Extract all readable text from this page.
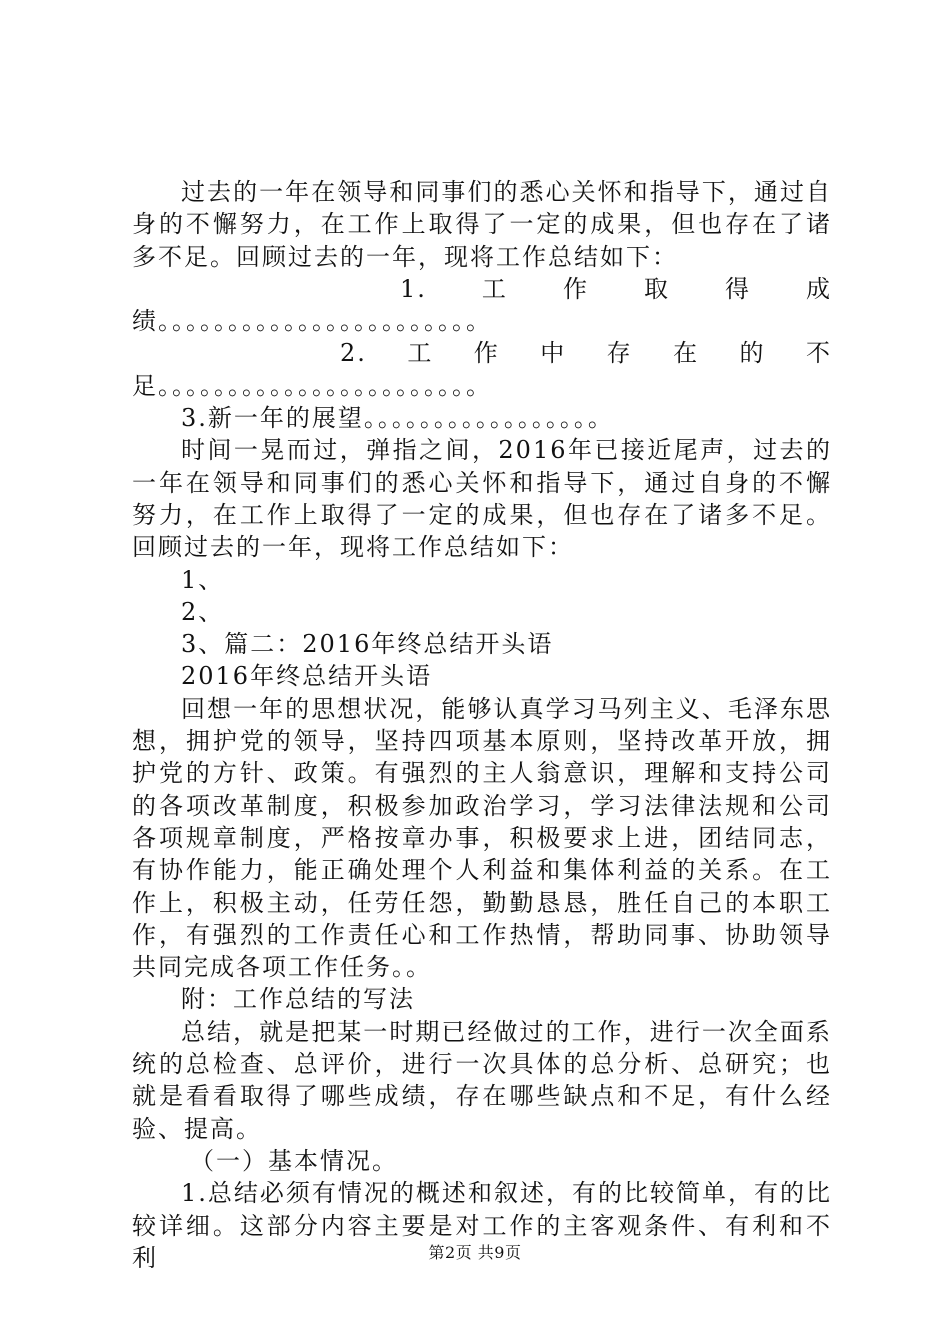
过去的一年在领导和同事们的悉心关怀和指导下，通过自身的不懈努力，在工作上取得了一定的成果，但也存在了诸多不足。回顾过去的一年，现将工作总结如下：

1. 工 作 取 得 成

绩。。。。。。。。。。。。。。。。。。。。。。。

2. 工 作 中 存 在 的 不

足。。。。。。。。。。。。。。。。。。。。。。。

3.新一年的展望。。。。。。。。。。。。。。。。。

时间一晃而过，弹指之间，2016年已接近尾声，过去的一年在领导和同事们的悉心关怀和指导下，通过自身的不懈努力，在工作上取得了一定的成果，但也存在了诸多不足。回顾过去的一年，现将工作总结如下：

1、

2、

3、篇二：2016年终总结开头语

2016年终总结开头语

回想一年的思想状况，能够认真学习马列主义、毛泽东思想，拥护党的领导，坚持四项基本原则，坚持改革开放，拥护党的方针、政策。有强烈的主人翁意识，理解和支持公司的各项改革制度，积极参加政治学习，学习法律法规和公司各项规章制度，严格按章办事，积极要求上进，团结同志，有协作能力，能正确处理个人利益和集体利益的关系。在工作上，积极主动，任劳任怨，勤勤恳恳，胜任自己的本职工作，有强烈的工作责任心和工作热情，帮助同事、协助领导共同完成各项工作任务。。

附：工作总结的写法

总结，就是把某一时期已经做过的工作，进行一次全面系统的总检查、总评价，进行一次具体的总分析、总研究；也就是看看取得了哪些成绩，存在哪些缺点和不足，有什么经验、提高。

（一）基本情况。

1.总结必须有情况的概述和叙述，有的比较简单，有的比较详细。这部分内容主要是对工作的主客观条件、有利和不利	第2页 共9页
